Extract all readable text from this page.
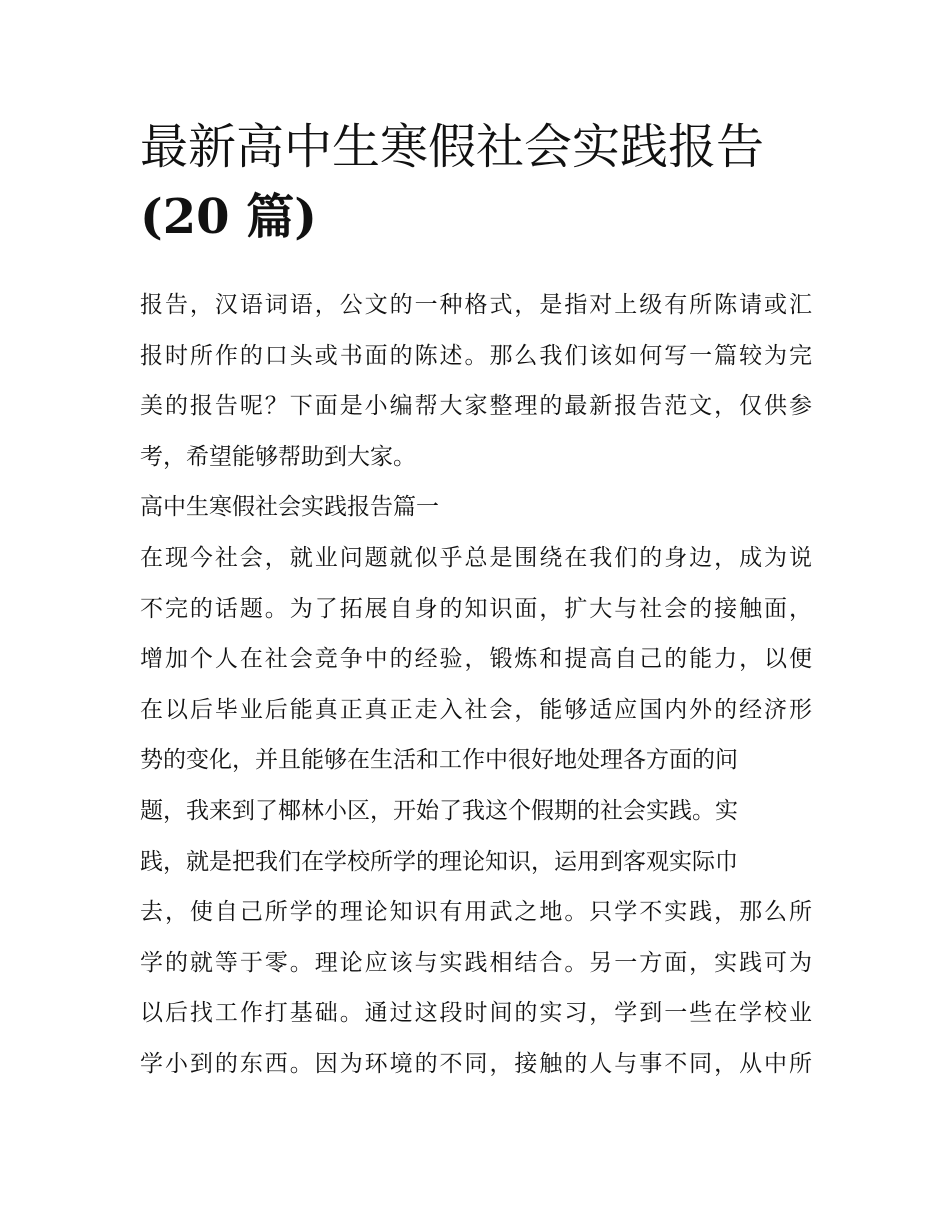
最新高中生寒假社会实践报告
(20 篇)

报告，汉语词语，公文的一种格式，是指对上级有所陈请或汇
报时所作的口头或书面的陈述。那么我们该如何写一篇较为完
美的报告呢？下面是小编帮大家整理的最新报告范文，仅供参
考，希望能够帮助到大家。

高中生寒假社会实践报告篇一

在现今社会，就业问题就似乎总是围绕在我们的身边，成为说
不完的话题。为了拓展自身的知识面，扩大与社会的接触面，
增加个人在社会竞争中的经验，锻炼和提高自己的能力，以便
在以后毕业后能真正真正走入社会，能够适应国内外的经济形
势的变化，并且能够在生活和工作中很好地处理各方面的问
题，我来到了椰林小区，开始了我这个假期的社会实践。实
践，就是把我们在学校所学的理论知识，运用到客观实际巾
去，使自己所学的理论知识有用武之地。只学不实践，那么所
学的就等于零。理论应该与实践相结合。另一方面，实践可为
以后找工作打基础。通过这段时间的实习，学到一些在学校业
学小到的东西。因为环境的不同，接触的人与事不同，从中所
